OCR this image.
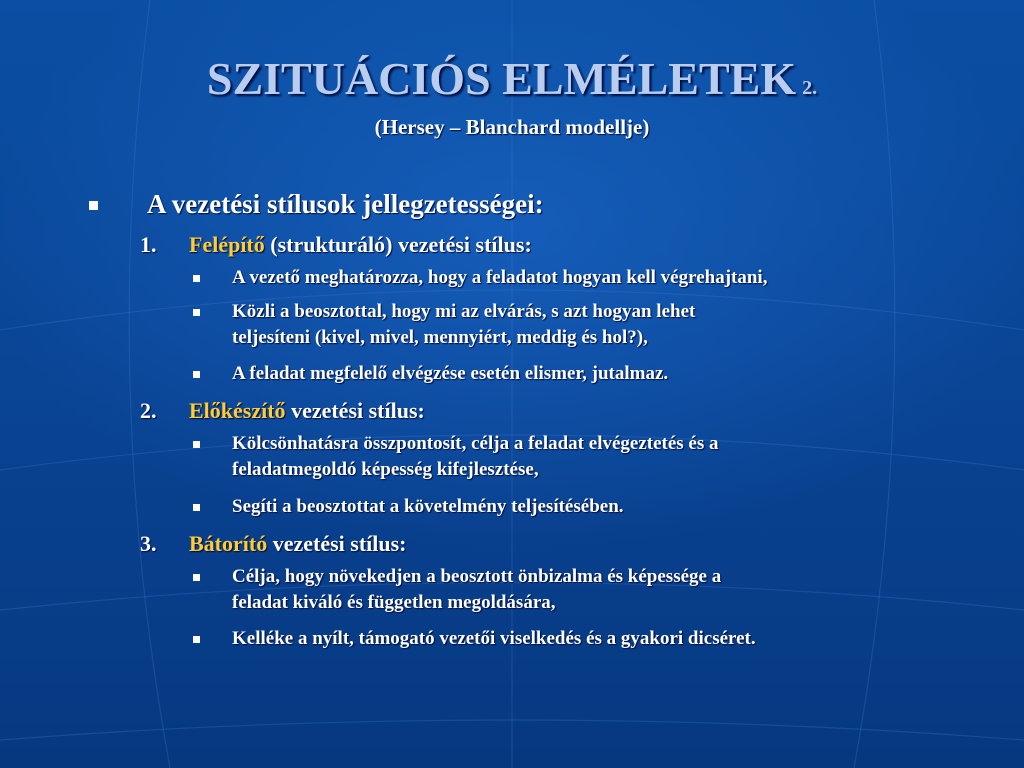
SZITUÁCIÓS ELMÉLETEK 2.
(Hersey – Blanchard modellje)
A vezetési stílusok jellegzetességei:
1. Felépítő (strukturáló) vezetési stílus:
A vezető meghatározza, hogy a feladatot hogyan kell végrehajtani,
Közli a beosztottal, hogy mi az elvárás, s azt hogyan lehet
teljesíteni (kivel, mivel, mennyiért, meddig és hol?),
A feladat megfelelő elvégzése esetén elismer, jutalmaz.
2. Előkészítő vezetési stílus:
Kölcsönhatásra összpontosít, célja a feladat elvégeztetés és a
feladatmegoldó képesség kifejlesztése,
Segíti a beosztottat a követelmény teljesítésében.
3. Bátorító vezetési stílus:
Célja, hogy növekedjen a beosztott önbizalma és képessége a
feladat kiváló és független megoldására,
Kelléke a nyílt, támogató vezetői viselkedés és a gyakori dicséret.
